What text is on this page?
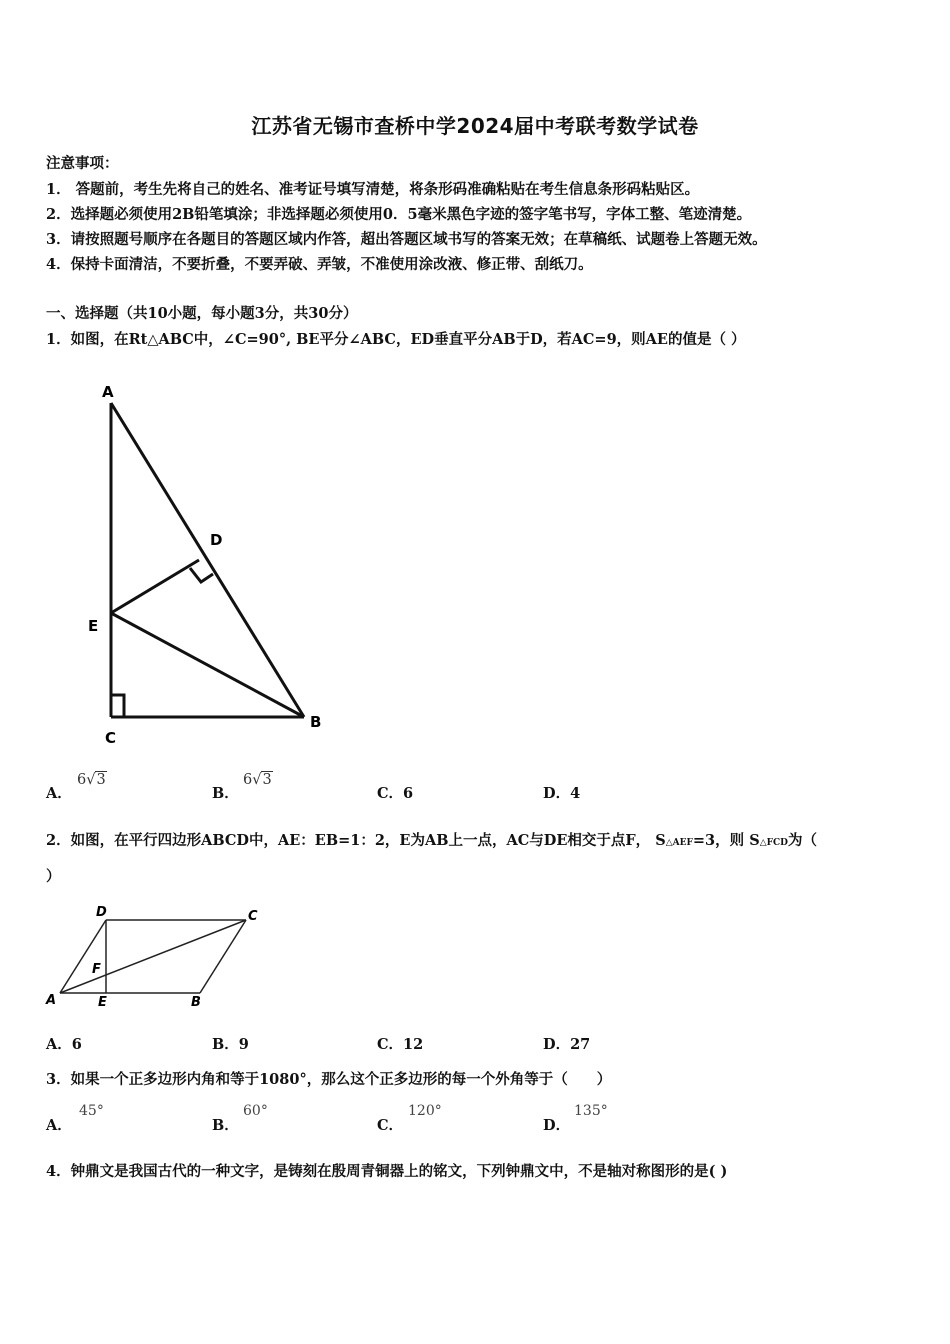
江苏省无锡市查桥中学2024届中考联考数学试卷
注意事项：
1． 答题前，考生先将自己的姓名、准考证号填写清楚，将条形码准确粘贴在考生信息条形码粘贴区。
2．选择题必须使用2B铅笔填涂；非选择题必须使用0．5毫米黑色字迹的签字笔书写，字体工整、笔迹清楚。
3．请按照题号顺序在各题目的答题区域内作答，超出答题区域书写的答案无效；在草稿纸、试题卷上答题无效。
4．保持卡面清洁，不要折叠，不要弄破、弄皱，不准使用涂改液、修正带、刮纸刀。
一、选择题（共10小题，每小题3分，共30分）
1．如图，在Rt△ABC中，∠C=90°, BE平分∠ABC，ED垂直平分AB于D，若AC=9，则AE的值是（ ）
A
D
E
B
C
A．
6√3
B．
6√3
C．6	D．4
2．如图，在平行四边形ABCD中，AE：EB=1：2，E为AB上一点，AC与DE相交于点F， S△AEF=3，则 S△FCD为（
）
D	C
F
A	E	B
A．6	B．9	C．12	D．27
3．如果一个正多边形内角和等于1080°，那么这个正多边形的每一个外角等于（　　）
A．
45°
B．
60°
C．
120°
D．
135°
4．钟鼎文是我国古代的一种文字，是铸刻在殷周青铜器上的铭文，下列钟鼎文中，不是轴对称图形的是( )
